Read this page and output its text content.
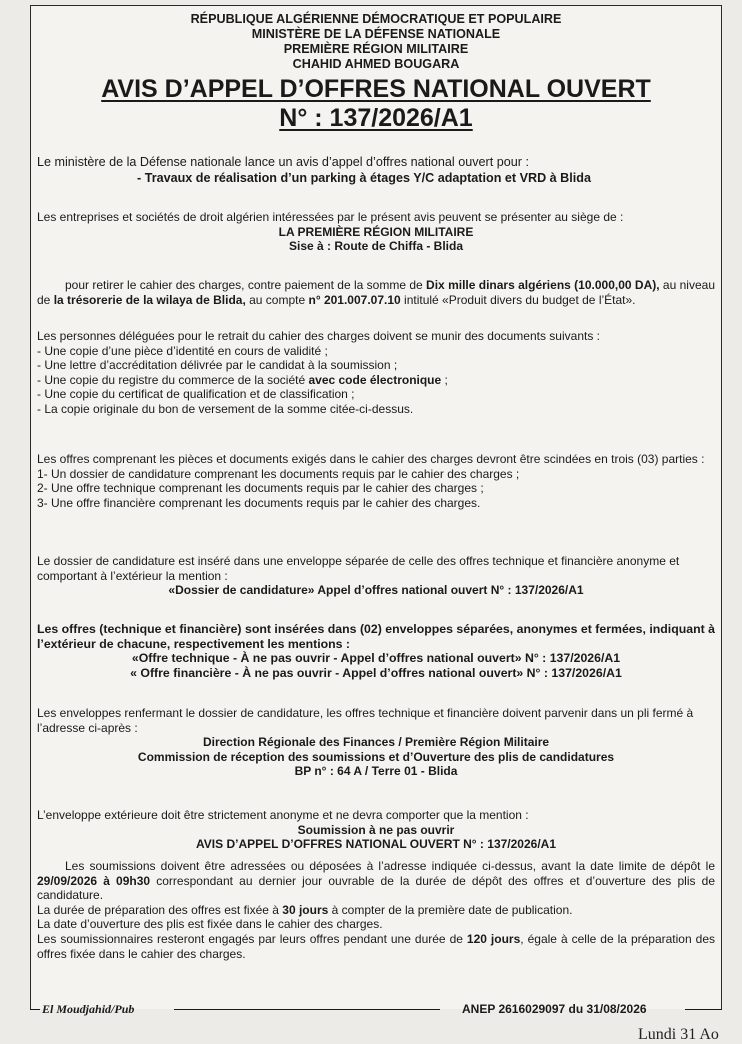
RÉPUBLIQUE ALGÉRIENNE DÉMOCRATIQUE ET POPULAIRE
MINISTÈRE DE LA DÉFENSE NATIONALE
PREMIÈRE RÉGION MILITAIRE
CHAHID AHMED BOUGARA
AVIS D’APPEL D’OFFRES NATIONAL OUVERT
N° : 137/2026/A1

Le ministère de la Défense nationale lance un avis d’appel d’offres national ouvert pour :

- Travaux de réalisation d’un parking à étages Y/C adaptation et VRD à Blida

Les entreprises et sociétés de droit algérien intéressées par le présent avis peuvent se présenter au siège de :

LA PREMIÈRE RÉGION MILITAIRE

Sise à : Route de Chiffa - Blida

pour retirer le cahier des charges, contre paiement de la somme de Dix mille dinars algériens (10.000,00 DA), au niveau de la trésorerie de la wilaya de Blida, au compte n° 201.007.07.10 intitulé «Produit divers du budget de l’État».

Les personnes déléguées pour le retrait du cahier des charges doivent se munir des documents suivants :

- Une copie d’une pièce d’identité en cours de validité ;

- Une lettre d’accréditation délivrée par le candidat à la soumission ;

- Une copie du registre du commerce de la société avec code électronique ;

- Une copie du certificat de qualification et de classification ;

- La copie originale du bon de versement de la somme citée-ci-dessus.

Les offres comprenant les pièces et documents exigés dans le cahier des charges devront être scindées en trois (03) parties :

1- Un dossier de candidature comprenant les documents requis par le cahier des charges ;

2- Une offre technique comprenant les documents requis par le cahier des charges ;

3- Une offre financière comprenant les documents requis par le cahier des charges.

Le dossier de candidature est inséré dans une enveloppe séparée de celle des offres technique et financière anonyme et comportant à l’extérieur la mention :

«Dossier de candidature» Appel d’offres national ouvert N° : 137/2026/A1

Les offres (technique et financière) sont insérées dans (02) enveloppes séparées, anonymes et fermées, indiquant à l’extérieur de chacune, respectivement les mentions :

«Offre technique - À ne pas ouvrir - Appel d’offres national ouvert» N° : 137/2026/A1

« Offre financière - À ne pas ouvrir - Appel d’offres national ouvert» N° : 137/2026/A1

Les enveloppes renfermant le dossier de candidature, les offres technique et financière doivent parvenir dans un pli fermé à l’adresse ci-après :

Direction Régionale des Finances / Première Région Militaire

Commission de réception des soumissions et d’Ouverture des plis de candidatures

BP n° : 64 A / Terre 01 - Blida

L’enveloppe extérieure doit être strictement anonyme et ne devra comporter que la mention :

Soumission à ne pas ouvrir

AVIS D’APPEL D’OFFRES NATIONAL OUVERT N° : 137/2026/A1

Les soumissions doivent être adressées ou déposées à l’adresse indiquée ci-dessus, avant la date limite de dépôt le 29/09/2026 à 09h30 correspondant au dernier jour ouvrable de la durée de dépôt des offres et d’ouverture des plis de candidature.

La durée de préparation des offres est fixée à 30 jours à compter de la première date de publication.

La date d’ouverture des plis est fixée dans le cahier des charges.

Les soumissionnaires resteront engagés par leurs offres pendant une durée de 120 jours, égale à celle de la préparation des offres fixée dans le cahier des charges.

El Moudjahid/Pub	ANEP 2616029097 du 31/08/2026
Lundi 31 Ao
